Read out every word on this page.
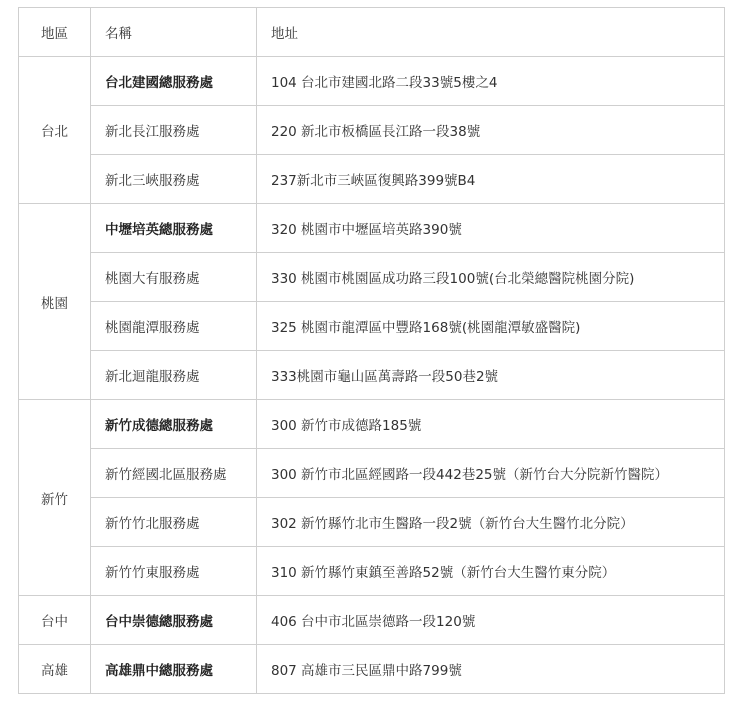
地區	名稱	地址
台北	台北建國總服務處	104 台北市建國北路二段33號5樓之4
	新北長江服務處	220 新北市板橋區長江路一段38號
	新北三峽服務處	237新北市三峽區復興路399號B4
桃園	中壢培英總服務處	320 桃園市中壢區培英路390號
	桃園大有服務處	330 桃園市桃園區成功路三段100號(台北榮總醫院桃園分院)
	桃園龍潭服務處	325 桃園市龍潭區中豐路168號(桃園龍潭敏盛醫院)
	新北迴龍服務處	333桃園市龜山區萬壽路一段50巷2號
新竹	新竹成德總服務處	300 新竹市成德路185號
	新竹經國北區服務處	300 新竹市北區經國路一段442巷25號（新竹台大分院新竹醫院）
	新竹竹北服務處	302 新竹縣竹北市生醫路一段2號（新竹台大生醫竹北分院）
	新竹竹東服務處	310 新竹縣竹東鎮至善路52號（新竹台大生醫竹東分院）
台中	台中崇德總服務處	406 台中市北區崇德路一段120號
高雄	高雄鼎中總服務處	807 高雄市三民區鼎中路799號
